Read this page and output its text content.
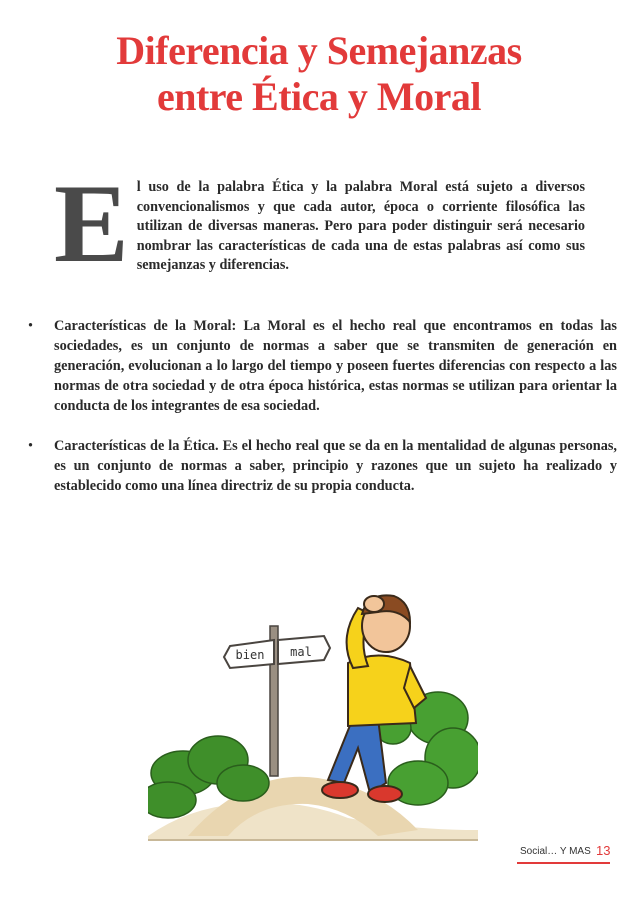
Diferencia y Semejanzas
entre Ética y Moral
E l uso de la palabra Ética y la palabra Moral está sujeto a diversos convencionalismos y que cada autor, época o corriente filosófica las utilizan de diversas maneras. Pero para poder distinguir será necesario nombrar las características de cada una de estas palabras así como sus semejanzas y diferencias.
• Características de la Moral: La Moral es el hecho real que encontramos en todas las sociedades, es un conjunto de normas a saber que se transmiten de generación en generación, evolucionan a lo largo del tiempo y poseen fuertes diferencias con respecto a las normas de otra sociedad y de otra época histórica, estas normas se utilizan para orientar la conducta de los integrantes de esa sociedad.
• Características de la Ética. Es el hecho real que se da en la mentalidad de algunas personas, es un conjunto de normas a saber, principio y razones que un sujeto ha realizado y establecido como una línea directriz de su propia conducta.
bien mal
Social… Y MAS 13
